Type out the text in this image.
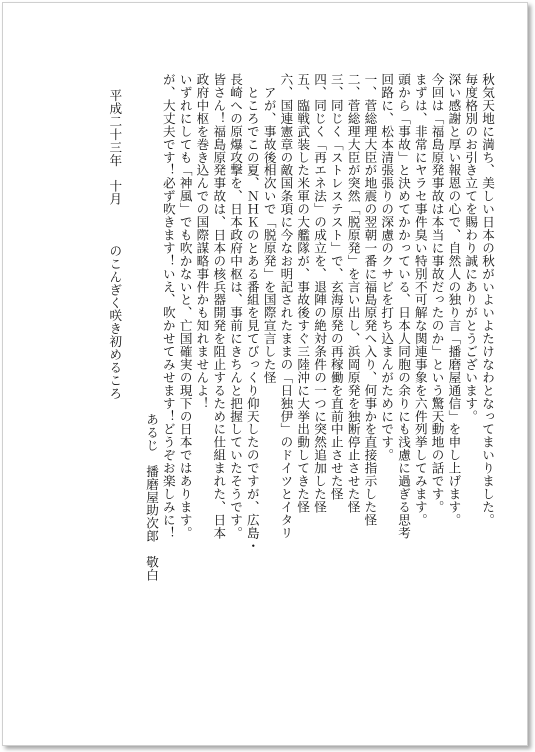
秋気天地に満ち、美しい日本の秋がいよいよたけなわとなってまいりました。
毎度格別のお引き立てを賜わり誠にありがとうございます。
深い感謝と厚い報恩の心で、自然人の独り言「播磨屋通信」を申し上げます。
今回は「福島原発事故は本当に事故だったのか」という驚天動地の話です。
まずは、非常にヤラセ事件臭い特別不可解な関連事象を六件列挙してみます。
頭から「事故」と決めてかかっている、日本人同胞の余りにも浅慮に過ぎる思考
回路に、松本清張張りの深慮のクサビを打ち込まんがためにです。
一、菅総理大臣が地震の翌朝一番に福島原発へ入り、何事かを直接指示した怪
二、菅総理大臣が突然「脱原発」を言い出し、浜岡原発を独断停止させた怪
三、同じく「ストレステスト」で、玄海原発の再稼働を直前中止させた怪
四、同じく「再エネ法」の成立を、退陣の絶対条件の一つに突然追加した怪
五、臨戦武装した米軍の大艦隊が、事故後すぐ三陸沖に大挙出動してきた怪
六、国連憲章の敵国条項に今なお明記されたままの「日独伊」のドイツとイタリ
　アが、事故後相次いで「脱原発」を国際宣言した怪
　ところでこの夏、ＮＨＫのとある番組を見てびっくり仰天したのですが、広島・
長崎への原爆攻撃を、日本政府中枢は、事前にきちんと把握していたそうです。
皆さん！福島原発事故は、日本の核兵器開発を阻止するために仕組まれた、日本
政府中枢を巻き込んでの国際謀略事件かも知れませんよ！
いずれにしても「神風」でも吹かないと、亡国確実の現下の日本ではあります。
が、大丈夫です！必ず吹きます！いえ、吹かせてみせます！どうぞお楽しみに！
あるじ　播磨屋助次郎　敬白
平成二十三年　十月　　　のこんぎく咲き初めるころ
